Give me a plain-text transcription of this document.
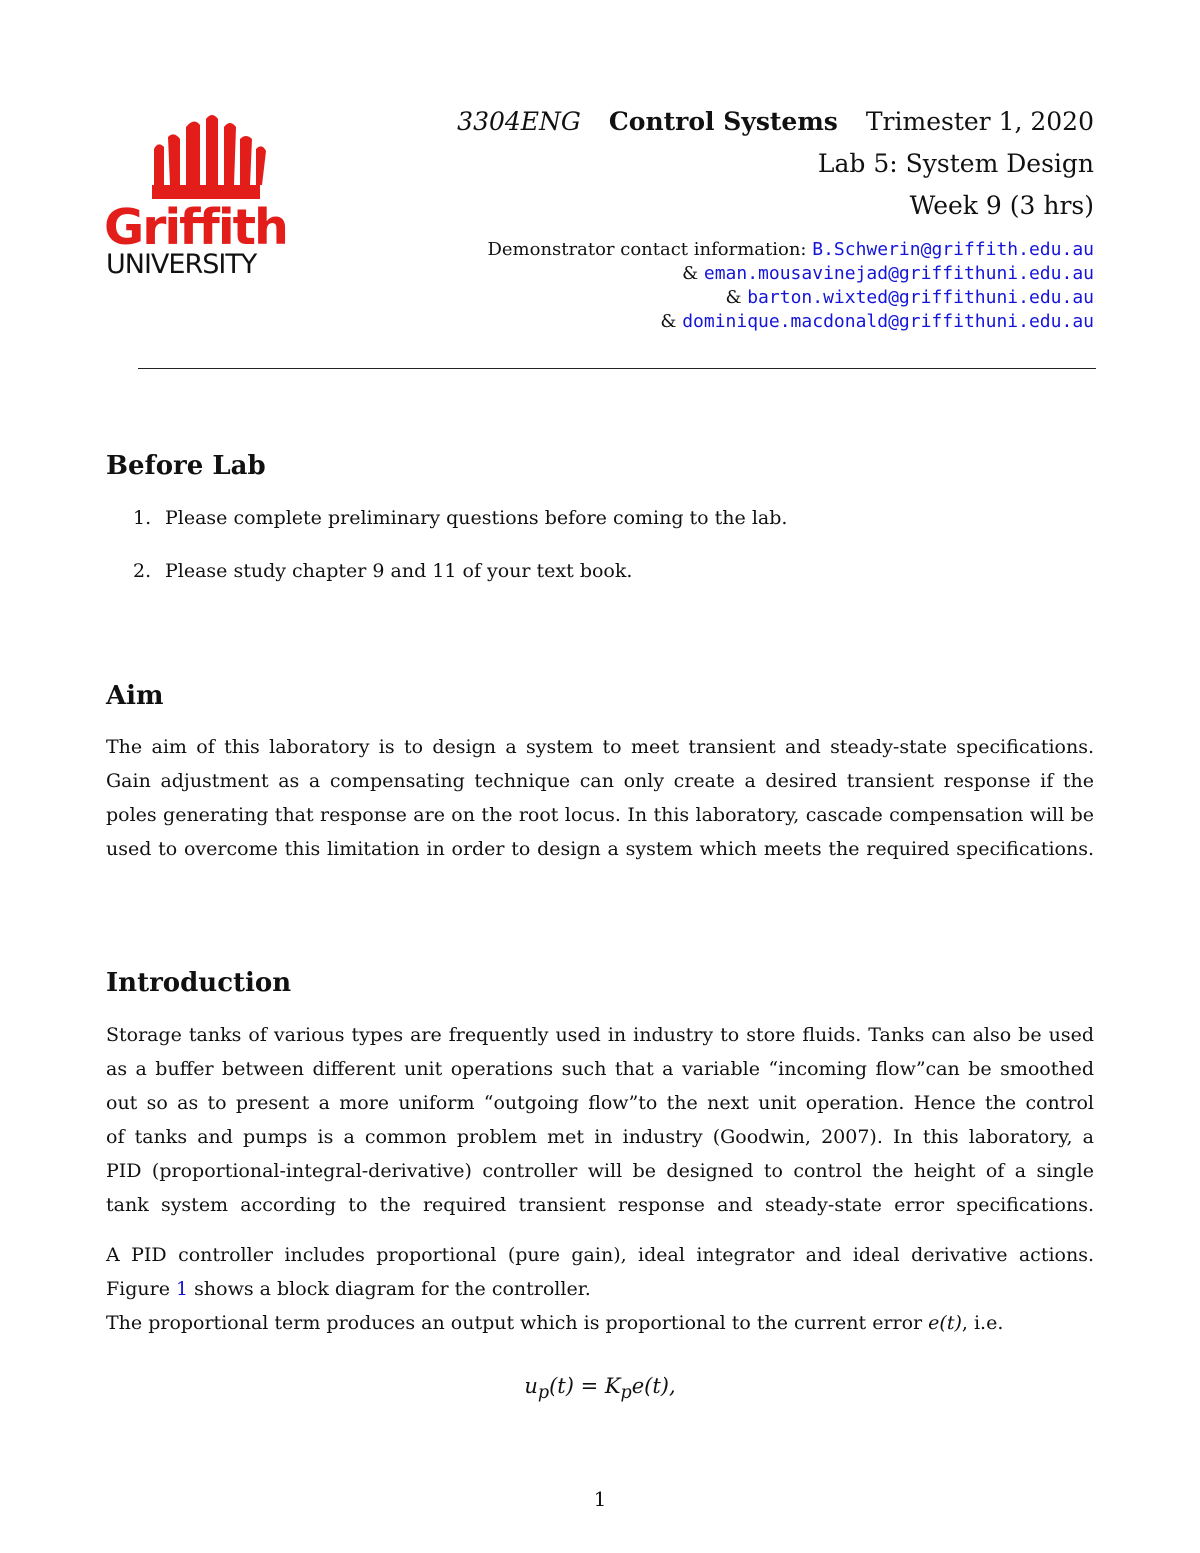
Griffith
UNIVERSITY
3304ENG Control Systems Trimester 1, 2020
Lab 5: System Design
Week 9 (3 hrs)
Demonstrator contact information: B.Schwerin@griffith.edu.au
& eman.mousavinejad@griffithuni.edu.au
& barton.wixted@griffithuni.edu.au
& dominique.macdonald@griffithuni.edu.au
Before Lab
1. Please complete preliminary questions before coming to the lab.
2. Please study chapter 9 and 11 of your text book.
Aim
The aim of this laboratory is to design a system to meet transient and steady-state specifications.
Gain adjustment as a compensating technique can only create a desired transient response if the
poles generating that response are on the root locus. In this laboratory, cascade compensation will be
used to overcome this limitation in order to design a system which meets the required specifications.
Introduction
Storage tanks of various types are frequently used in industry to store fluids. Tanks can also be used
as a buffer between different unit operations such that a variable “incoming flow”can be smoothed
out so as to present a more uniform “outgoing flow”to the next unit operation. Hence the control
of tanks and pumps is a common problem met in industry (Goodwin, 2007). In this laboratory, a
PID (proportional-integral-derivative) controller will be designed to control the height of a single
tank system according to the required transient response and steady-state error specifications.
A PID controller includes proportional (pure gain), ideal integrator and ideal derivative actions.
Figure 1 shows a block diagram for the controller.
The proportional term produces an output which is proportional to the current error e(t), i.e.
$u_p(t) = K_pe(t)$,
1
